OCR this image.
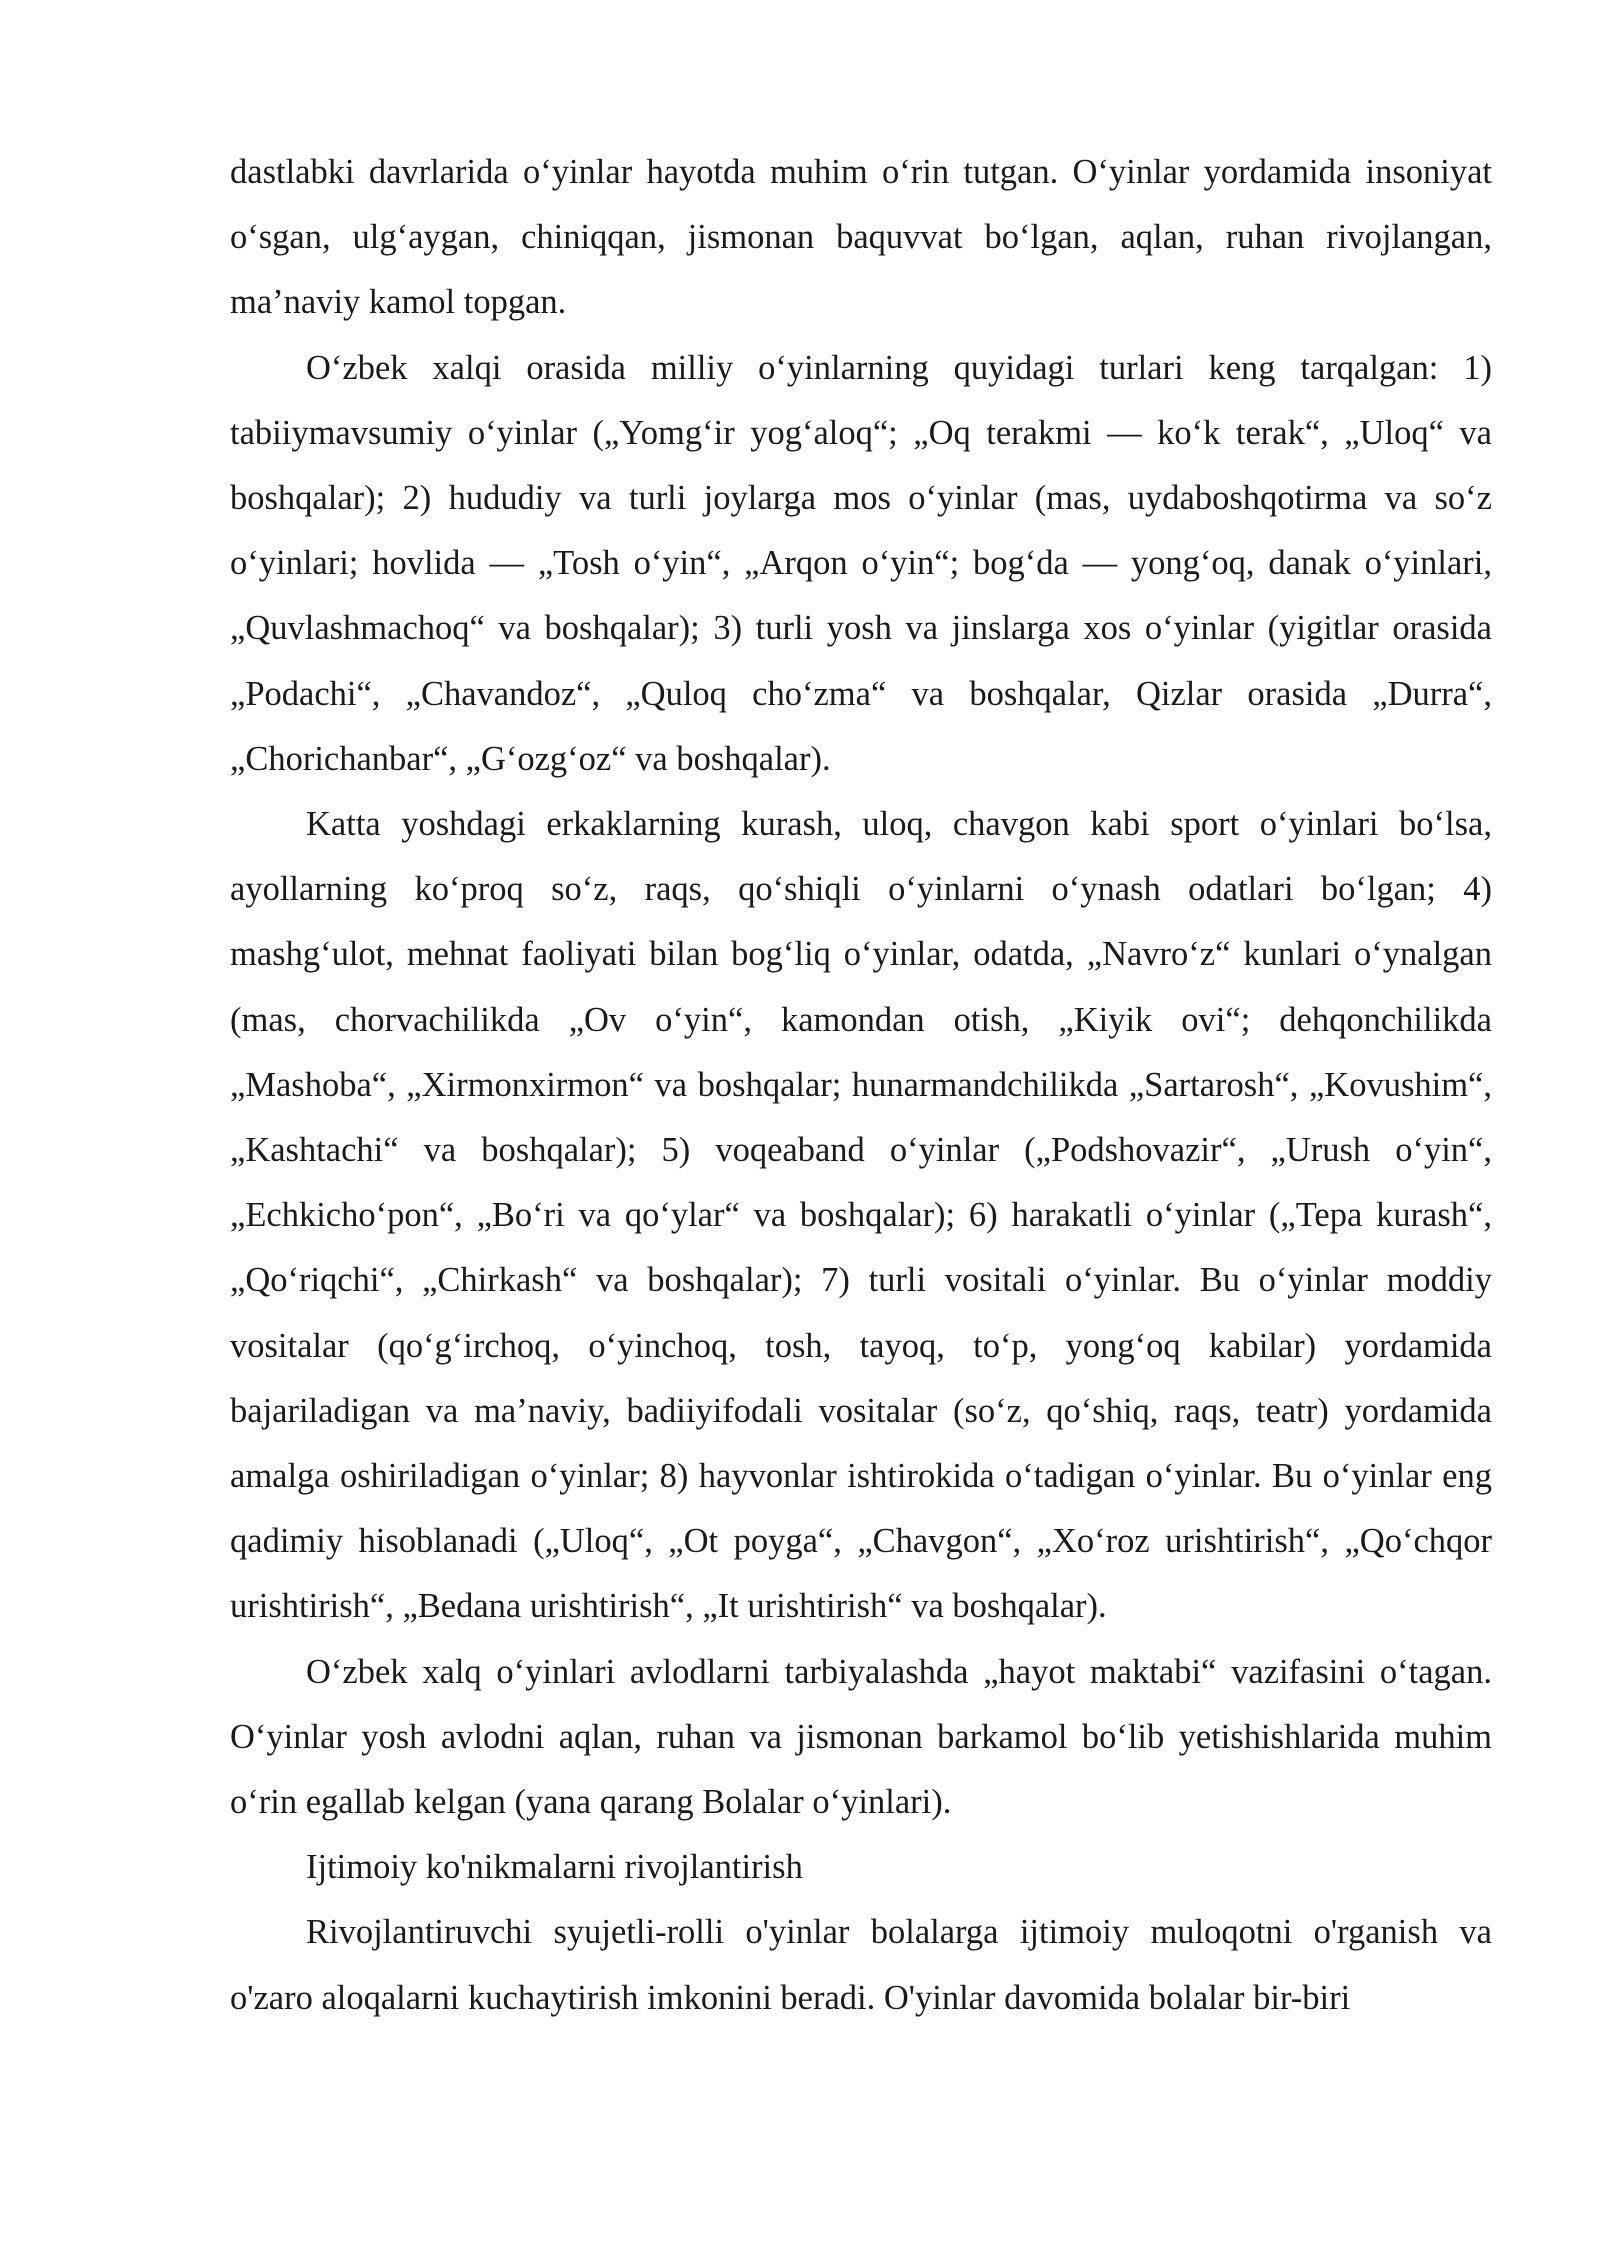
dastlabki davrlarida o‘yinlar hayotda muhim o‘rin tutgan. O‘yinlar yordamida insoniyat o‘sgan, ulg‘aygan, chiniqqan, jismonan baquvvat bo‘lgan, aqlan, ruhan rivojlangan, ma’naviy kamol topgan.

O‘zbek xalqi orasida milliy o‘yinlarning quyidagi turlari keng tarqalgan: 1) tabiiymavsumiy o‘yinlar („Yomg‘ir yog‘aloq“; „Oq terakmi — ko‘k terak“, „Uloq“ va boshqalar); 2) hududiy va turli joylarga mos o‘yinlar (mas, uydaboshqotirma va so‘z o‘yinlari; hovlida — „Tosh o‘yin“, „Arqon o‘yin“; bog‘da — yong‘oq, danak o‘yinlari, „Quvlashmachoq“ va boshqalar); 3) turli yosh va jinslarga xos o‘yinlar (yigitlar orasida „Podachi“, „Chavandoz“, „Quloq cho‘zma“ va boshqalar, Qizlar orasida „Durra“, „Chorichanbar“, „G‘ozg‘oz“ va boshqalar).

Katta yoshdagi erkaklarning kurash, uloq, chavgon kabi sport o‘yinlari bo‘lsa, ayollarning ko‘proq so‘z, raqs, qo‘shiqli o‘yinlarni o‘ynash odatlari bo‘lgan; 4) mashg‘ulot, mehnat faoliyati bilan bog‘liq o‘yinlar, odatda, „Navro‘z“ kunlari o‘ynalgan (mas, chorvachilikda „Ov o‘yin“, kamondan otish, „Kiyik ovi“; dehqonchilikda „Mashoba“, „Xirmonxirmon“ va boshqalar; hunarmandchilikda „Sartarosh“, „Kovushim“, „Kashtachi“ va boshqalar); 5) voqeaband o‘yinlar („Podshovazir“, „Urush o‘yin“, „Echkicho‘pon“, „Bo‘ri va qo‘ylar“ va boshqalar); 6) harakatli o‘yinlar („Tepa kurash“, „Qo‘riqchi“, „Chirkash“ va boshqalar); 7) turli vositali o‘yinlar. Bu o‘yinlar moddiy vositalar (qo‘g‘irchoq, o‘yinchoq, tosh, tayoq, to‘p, yong‘oq kabilar) yordamida bajariladigan va ma’naviy, badiiyifodali vositalar (so‘z, qo‘shiq, raqs, teatr) yordamida amalga oshiriladigan o‘yinlar; 8) hayvonlar ishtirokida o‘tadigan o‘yinlar. Bu o‘yinlar eng qadimiy hisoblanadi („Uloq“, „Ot poyga“, „Chavgon“, „Xo‘roz urishtirish“, „Qo‘chqor urishtirish“, „Bedana urishtirish“, „It urishtirish“ va boshqalar).

O‘zbek xalq o‘yinlari avlodlarni tarbiyalashda „hayot maktabi“ vazifasini o‘tagan. O‘yinlar yosh avlodni aqlan, ruhan va jismonan barkamol bo‘lib yetishishlarida muhim o‘rin egallab kelgan (yana qarang Bolalar o‘yinlari).

Ijtimoiy ko'nikmalarni rivojlantirish

Rivojlantiruvchi syujetli-rolli o'yinlar bolalarga ijtimoiy muloqotni o'rganish va o'zaro aloqalarni kuchaytirish imkonini beradi. O'yinlar davomida bolalar bir-biri
